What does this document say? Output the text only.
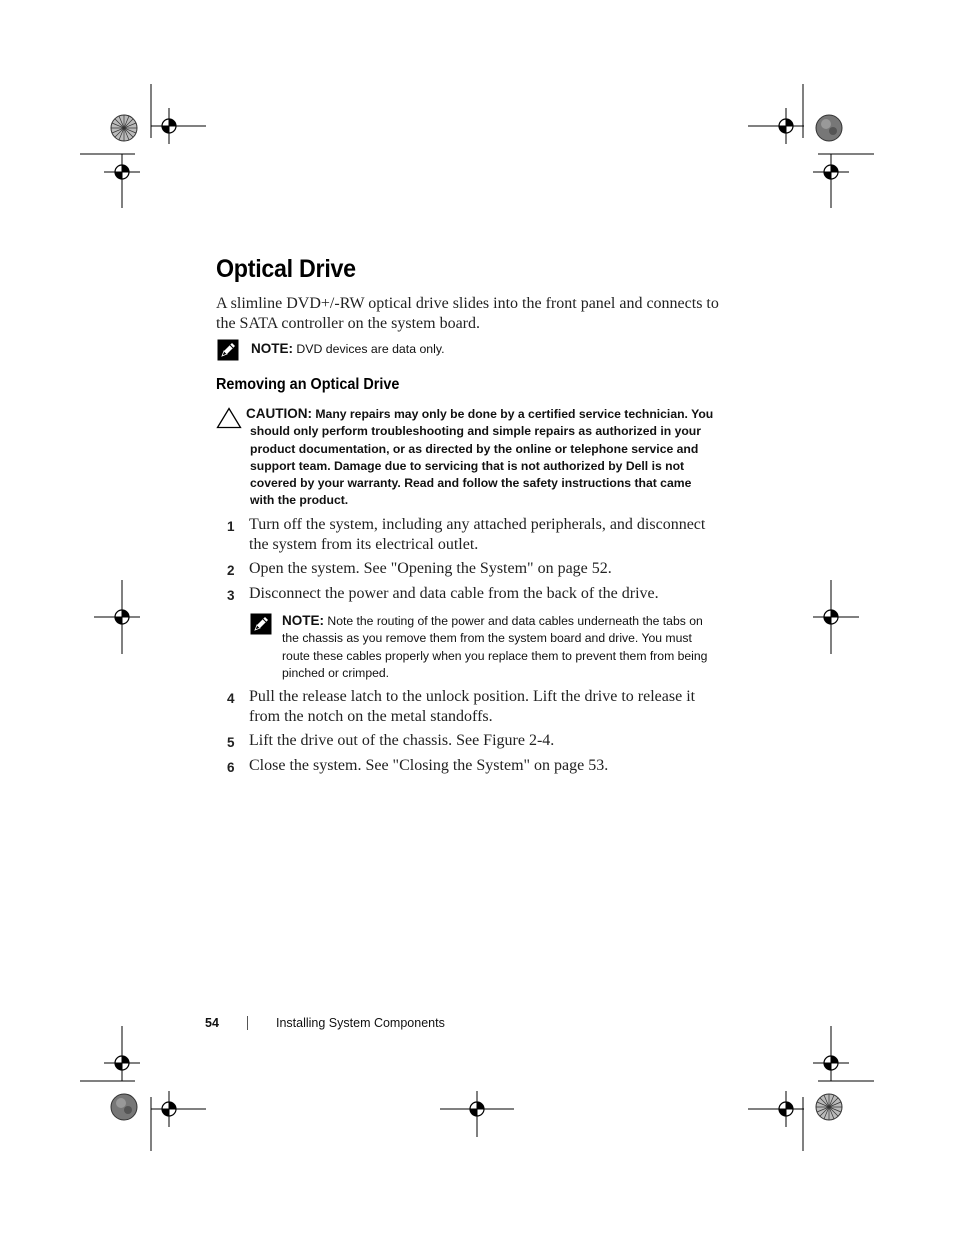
Optical Drive
A slimline DVD+/-RW optical drive slides into the front panel and connects to the SATA controller on the system board.
NOTE: DVD devices are data only.
Removing an Optical Drive
CAUTION: Many repairs may only be done by a certified service technician. You should only perform troubleshooting and simple repairs as authorized in your product documentation, or as directed by the online or telephone service and support team. Damage due to servicing that is not authorized by Dell is not covered by your warranty. Read and follow the safety instructions that came with the product.
1 Turn off the system, including any attached peripherals, and disconnect the system from its electrical outlet.
2 Open the system. See "Opening the System" on page 52.
3 Disconnect the power and data cable from the back of the drive.
4 Pull the release latch to the unlock position. Lift the drive to release it from the notch on the metal standoffs.
5 Lift the drive out of the chassis. See Figure 2-4.
6 Close the system. See "Closing the System" on page 53.
NOTE: Note the routing of the power and data cables underneath the tabs on the chassis as you remove them from the system board and drive. You must route these cables properly when you replace them to prevent them from being pinched or crimped.
54	Installing System Components
